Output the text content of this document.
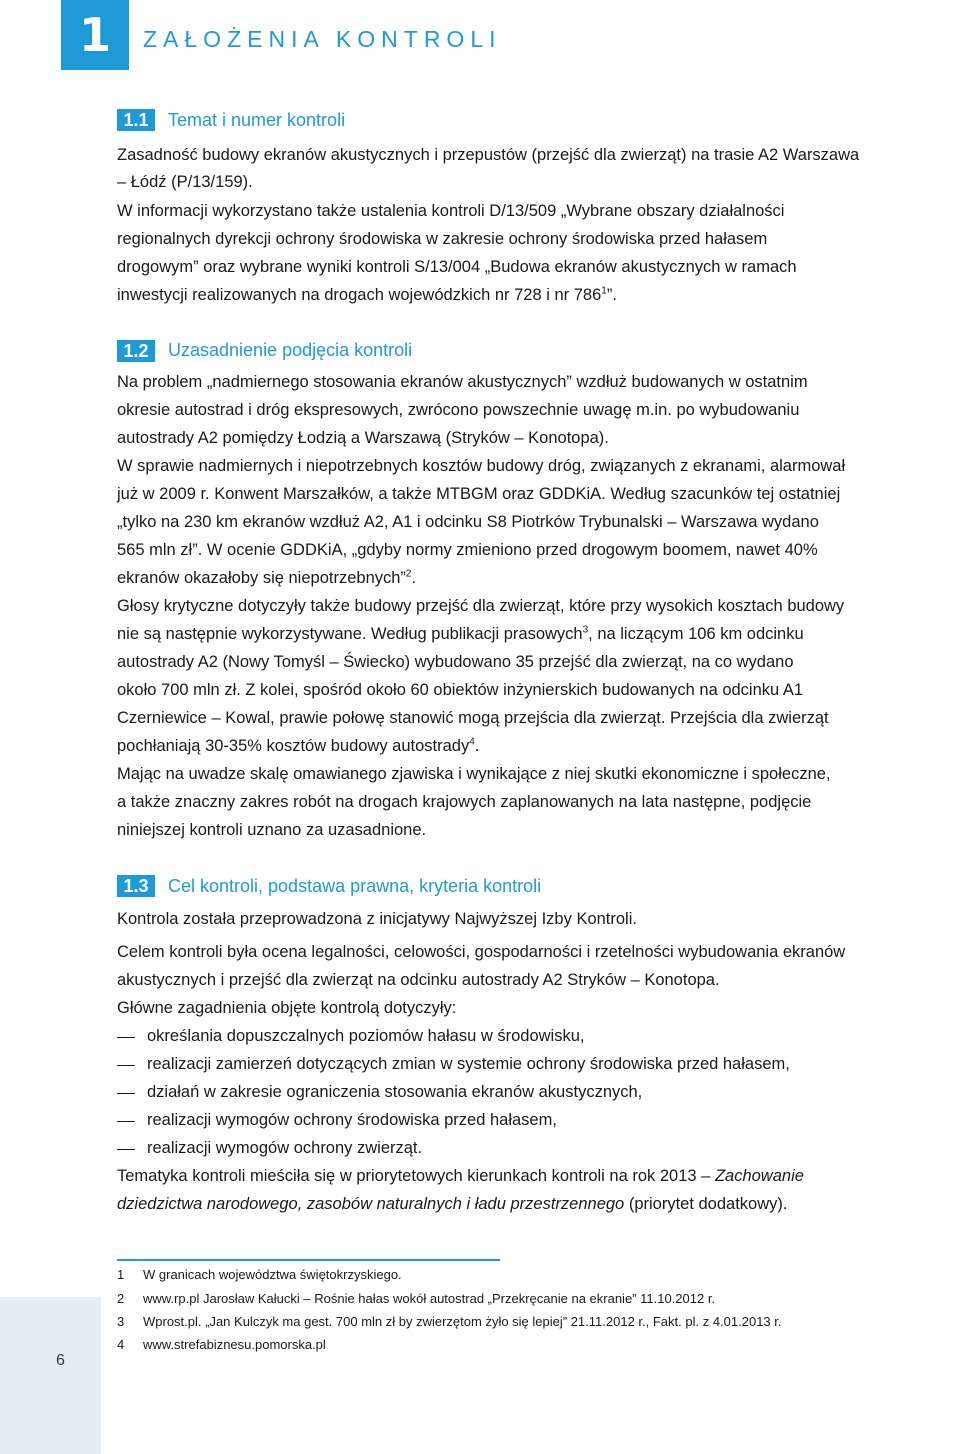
1 ZAŁOŻENIA KONTROLI
1.1	Temat i numer kontroli
Zasadność budowy ekranów akustycznych i przepustów (przejść dla zwierząt) na trasie A2 Warszawa
– Łódź (P/13/159).
W informacji wykorzystano także ustalenia kontroli D/13/509 „Wybrane obszary działalności
regionalnych dyrekcji ochrony środowiska w zakresie ochrony środowiska przed hałasem
drogowym” oraz wybrane wyniki kontroli S/13/004 „Budowa ekranów akustycznych w ramach
inwestycji realizowanych na drogach wojewódzkich nr 728 i nr $786^1$”.
1.2	Uzasadnienie podjęcia kontroli
Na problem „nadmiernego stosowania ekranów akustycznych” wzdłuż budowanych w ostatnim
okresie autostrad i dróg ekspresowych, zwrócono powszechnie uwagę m.in. po wybudowaniu
autostrady A2 pomiędzy Łodzią a Warszawą (Stryków – Konotopa).
W sprawie nadmiernych i niepotrzebnych kosztów budowy dróg, związanych z ekranami, alarmował
już w 2009 r. Konwent Marszałków, a także MTBGM oraz GDDKiA. Według szacunków tej ostatniej
„tylko na 230 km ekranów wzdłuż A2, A1 i odcinku S8 Piotrków Trybunalski – Warszawa wydano
565 mln zł”. W ocenie GDDKiA, „gdyby normy zmieniono przed drogowym boomem, nawet 40%
ekranów okazałoby się niepotrzebnych”$^2$.
Głosy krytyczne dotyczyły także budowy przejść dla zwierząt, które przy wysokich kosztach budowy
nie są następnie wykorzystywane. Według publikacji prasowych$^3$, na liczącym 106 km odcinku
autostrady A2 (Nowy Tomyśl – Świecko) wybudowano 35 przejść dla zwierząt, na co wydano
około 700 mln zł. Z kolei, spośród około 60 obiektów inżynierskich budowanych na odcinku A1
Czerniewice – Kowal, prawie połowę stanowić mogą przejścia dla zwierząt. Przejścia dla zwierząt
pochłaniają 30-35% kosztów budowy autostrady$^4$.
Mając na uwadze skalę omawianego zjawiska i wynikające z niej skutki ekonomiczne i społeczne,
a także znaczny zakres robót na drogach krajowych zaplanowanych na lata następne, podjęcie
niniejszej kontroli uznano za uzasadnione.
1.3	Cel kontroli, podstawa prawna, kryteria kontroli
Kontrola została przeprowadzona z inicjatywy Najwyższej Izby Kontroli.
Celem kontroli była ocena legalności, celowości, gospodarności i rzetelności wybudowania ekranów
akustycznych i przejść dla zwierząt na odcinku autostrady A2 Stryków – Konotopa.
Główne zagadnienia objęte kontrolą dotyczyły:
określania dopuszczalnych poziomów hałasu w środowisku,
realizacji zamierzeń dotyczących zmian w systemie ochrony środowiska przed hałasem,
działań w zakresie ograniczenia stosowania ekranów akustycznych,
realizacji wymogów ochrony środowiska przed hałasem,
realizacji wymogów ochrony zwierząt.
Tematyka kontroli mieściła się w priorytetowych kierunkach kontroli na rok 2013 – Zachowanie
dziedzictwa narodowego, zasobów naturalnych i ładu przestrzennego (priorytet dodatkowy).
1 W granicach województwa świętokrzyskiego.
2 www.rp.pl Jarosław Kałucki – Rośnie hałas wokół autostrad „Przekręcanie na ekranie” 11.10.2012 r.
3 Wprost.pl. „Jan Kulczyk ma gest. 700 mln zł by zwierzętom żyło się lepiej” 21.11.2012 r., Fakt. pl. z 4.01.2013 r.
4 www.strefabiznesu.pomorska.pl
6
